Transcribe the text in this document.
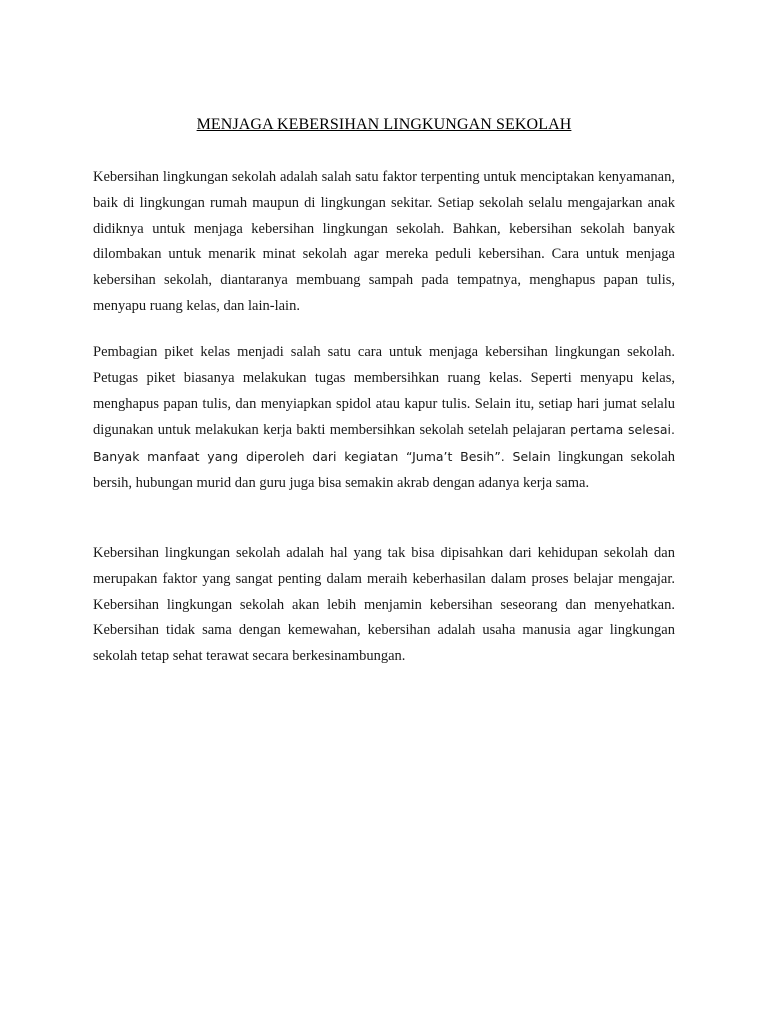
MENJAGA KEBERSIHAN LINGKUNGAN SEKOLAH

Kebersihan lingkungan sekolah adalah salah satu faktor terpenting untuk menciptakan kenyamanan, baik di lingkungan rumah maupun di lingkungan sekitar. Setiap sekolah selalu mengajarkan anak didiknya untuk menjaga kebersihan lingkungan sekolah. Bahkan, kebersihan sekolah banyak dilombakan untuk menarik minat sekolah agar mereka peduli kebersihan. Cara untuk menjaga kebersihan sekolah, diantaranya membuang sampah pada tempatnya, menghapus papan tulis, menyapu ruang kelas, dan lain-lain.

Pembagian piket kelas menjadi salah satu cara untuk menjaga kebersihan lingkungan sekolah. Petugas piket biasanya melakukan tugas membersihkan ruang kelas. Seperti menyapu kelas, menghapus papan tulis, dan menyiapkan spidol atau kapur tulis. Selain itu, setiap hari jumat selalu digunakan untuk melakukan kerja bakti membersihkan sekolah setelah pelajaran pertama selesai. Banyak manfaat yang diperoleh dari kegiatan “Juma’t Besih”. Selain lingkungan sekolah bersih, hubungan murid dan guru juga bisa semakin akrab dengan adanya kerja sama.

Kebersihan lingkungan sekolah adalah hal yang tak bisa dipisahkan dari kehidupan sekolah dan merupakan faktor yang sangat penting dalam meraih keberhasilan dalam proses belajar mengajar. Kebersihan lingkungan sekolah akan lebih menjamin kebersihan seseorang dan menyehatkan. Kebersihan tidak sama dengan kemewahan, kebersihan adalah usaha manusia agar lingkungan sekolah tetap sehat terawat secara berkesinambungan.
